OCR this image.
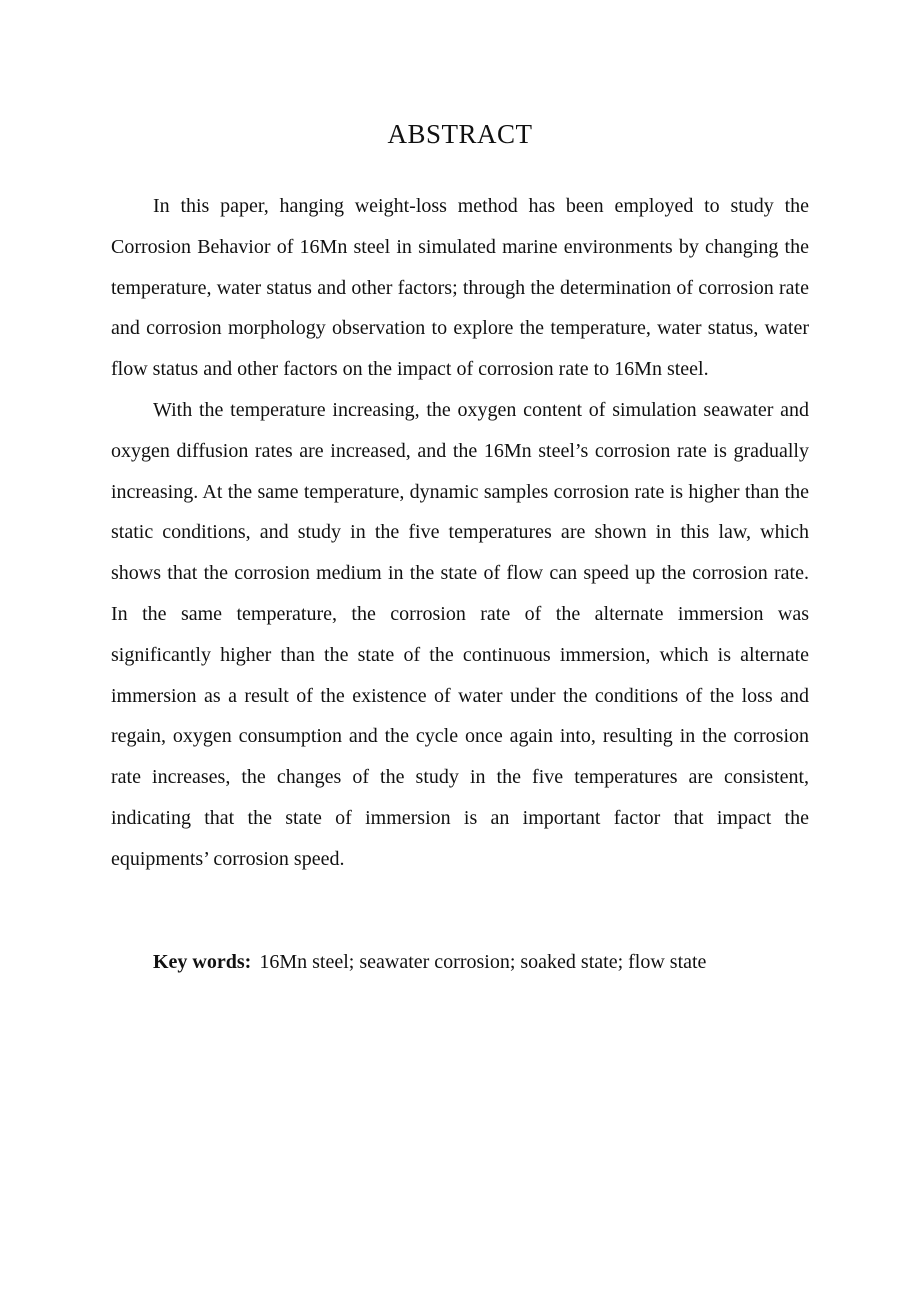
ABSTRACT

In this paper, hanging weight-loss method has been employed to study the Corrosion Behavior of 16Mn steel in simulated marine environments by changing the temperature, water status and other factors; through the determination of corrosion rate and corrosion morphology observation to explore the temperature, water status, water flow status and other factors on the impact of corrosion rate to 16Mn steel.

With the temperature increasing, the oxygen content of simulation seawater and oxygen diffusion rates are increased, and the 16Mn steel’s corrosion rate is gradually increasing. At the same temperature, dynamic samples corrosion rate is higher than the static conditions, and study in the five temperatures are shown in this law, which shows that the corrosion medium in the state of flow can speed up the corrosion rate. In the same temperature, the corrosion rate of the alternate immersion was significantly higher than the state of the continuous immersion, which is alternate immersion as a result of the existence of water under the conditions of the loss and regain, oxygen consumption and the cycle once again into, resulting in the corrosion rate increases, the changes of the study in the five temperatures are consistent, indicating that the state of immersion is an important factor that impact the equipments’ corrosion speed.

Key words: 16Mn steel; seawater corrosion; soaked state; flow state
